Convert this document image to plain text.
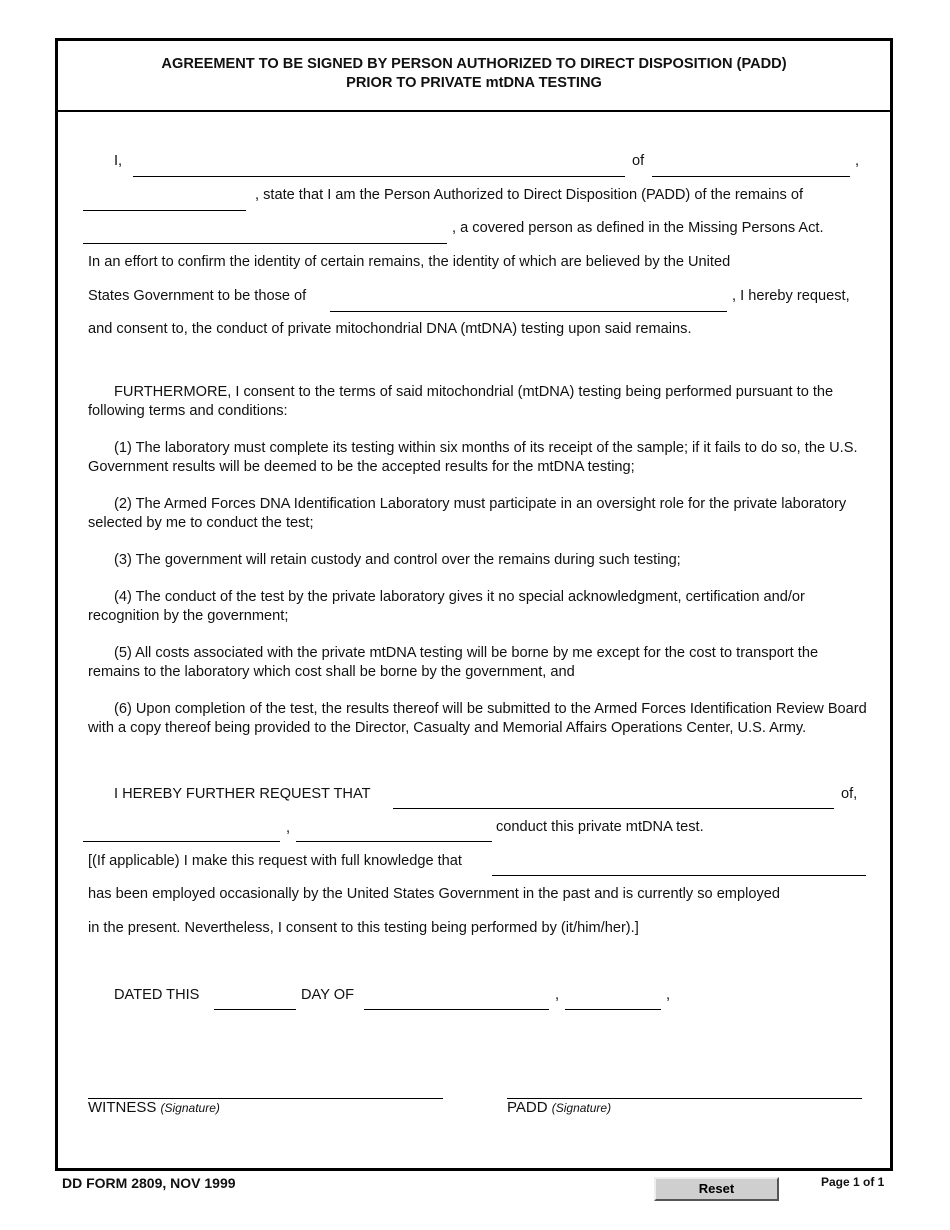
AGREEMENT TO BE SIGNED BY PERSON AUTHORIZED TO DIRECT DISPOSITION (PADD)
PRIOR TO PRIVATE mtDNA TESTING
I,	of	,
, state that I am the Person Authorized to Direct Disposition (PADD) of the remains of
, a covered person as defined in the Missing Persons Act.
In an effort to confirm the identity of certain remains, the identity of which are believed by the United
States Government to be those of	, I hereby request,
and consent to, the conduct of private mitochondrial DNA (mtDNA) testing upon said remains.
FURTHERMORE, I consent to the terms of said mitochondrial (mtDNA) testing being performed pursuant to the following terms and conditions:
(1) The laboratory must complete its testing within six months of its receipt of the sample; if it fails to do so, the U.S. Government results will be deemed to be the accepted results for the mtDNA testing;
(2) The Armed Forces DNA Identification Laboratory must participate in an oversight role for the private laboratory selected by me to conduct the test;
(3) The government will retain custody and control over the remains during such testing;
(4) The conduct of the test by the private laboratory gives it no special acknowledgment, certification and/or recognition by the government;
(5) All costs associated with the private mtDNA testing will be borne by me except for the cost to transport the remains to the laboratory which cost shall be borne by the government, and
(6) Upon completion of the test, the results thereof will be submitted to the Armed Forces Identification Review Board with a copy thereof being provided to the Director, Casualty and Memorial Affairs Operations Center, U.S. Army.
I HEREBY FURTHER REQUEST THAT	of,
,	conduct this private mtDNA test.
[(If applicable) I make this request with full knowledge that
has been employed occasionally by the United States Government in the past and is currently so employed
in the present. Nevertheless, I consent to this testing being performed by (it/him/her).]
DATED THIS	DAY OF	,	,
WITNESS (Signature)	PADD (Signature)
DD FORM 2809, NOV 1999	Reset	Page 1 of 1
